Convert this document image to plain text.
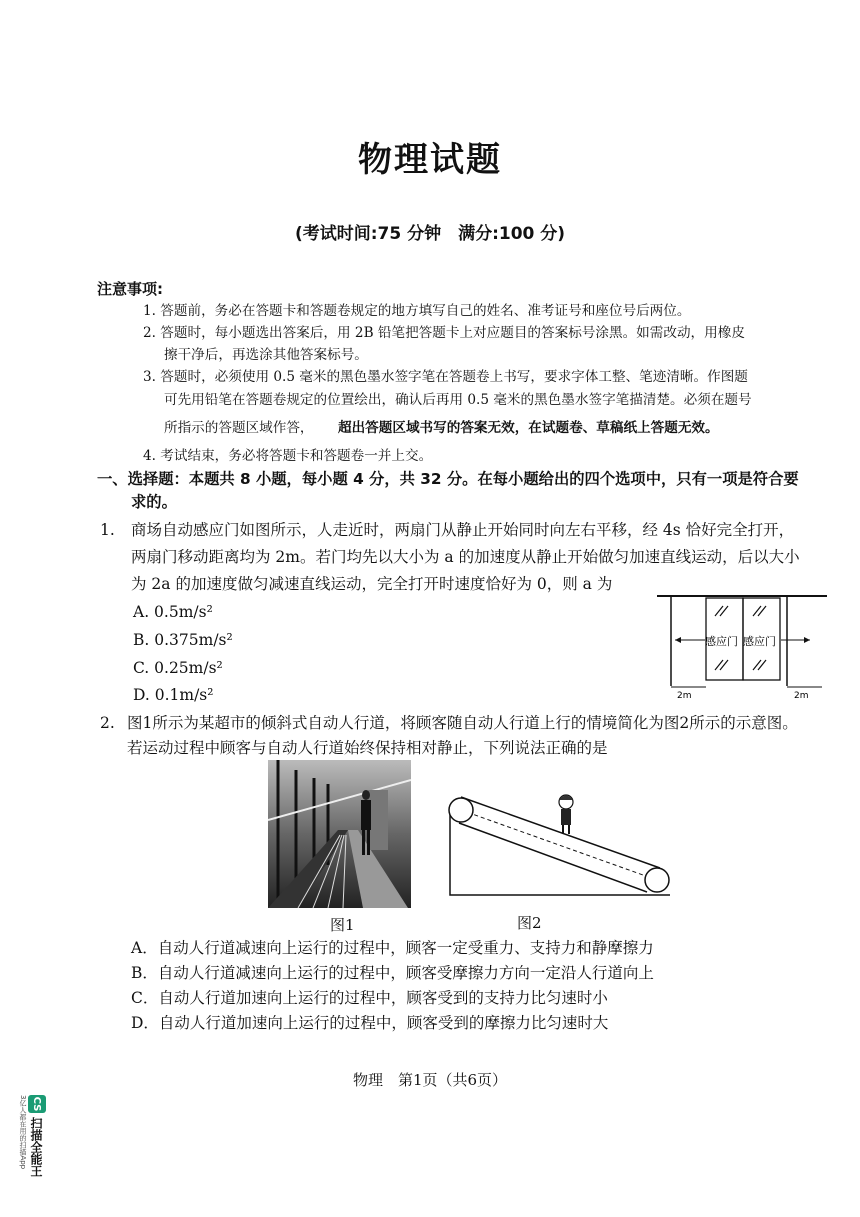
物理试题
(考试时间:75 分钟　满分:100 分)
注意事项:
1. 答题前，务必在答题卡和答题卷规定的地方填写自己的姓名、准考证号和座位号后两位。
2. 答题时，每小题选出答案后，用 2B 铅笔把答题卡上对应题目的答案标号涂黑。如需改动，用橡皮
擦干净后，再选涂其他答案标号。
3. 答题时，必须使用 0.5 毫米的黑色墨水签字笔在答题卷上书写，要求字体工整、笔迹清晰。作图题
可先用铅笔在答题卷规定的位置绘出，确认后再用 0.5 毫米的黑色墨水签字笔描清楚。必须在题号
所指示的答题区域作答， 超出答题区域书写的答案无效，在试题卷、草稿纸上答题无效。
4. 考试结束，务必将答题卡和答题卷一并上交。
一、选择题：本题共 8 小题，每小题 4 分，共 32 分。在每小题给出的四个选项中，只有一项是符合要
求的。
1. 商场自动感应门如图所示，人走近时，两扇门从静止开始同时向左右平移，经 4s 恰好完全打开，
两扇门移动距离均为 2m。若门均先以大小为 a 的加速度从静止开始做匀加速直线运动，后以大小
为 2a 的加速度做匀减速直线运动，完全打开时速度恰好为 0，则 a 为
A. 0.5m/s²
B. 0.375m/s²
C. 0.25m/s²
D. 0.1m/s²
感应门 感应门
2m	2m
2. 图1所示为某超市的倾斜式自动人行道，将顾客随自动人行道上行的情境简化为图2所示的示意图。
若运动过程中顾客与自动人行道始终保持相对静止，下列说法正确的是
图1	图2
A．自动人行道减速向上运行的过程中，顾客一定受重力、支持力和静摩擦力
B．自动人行道减速向上运行的过程中，顾客受摩擦力方向一定沿人行道向上
C．自动人行道加速向上运行的过程中，顾客受到的支持力比匀速时小
D．自动人行道加速向上运行的过程中，顾客受到的摩擦力比匀速时大
物理　第1页（共6页）
CS
扫描全能王
3亿人都在用的扫描App
